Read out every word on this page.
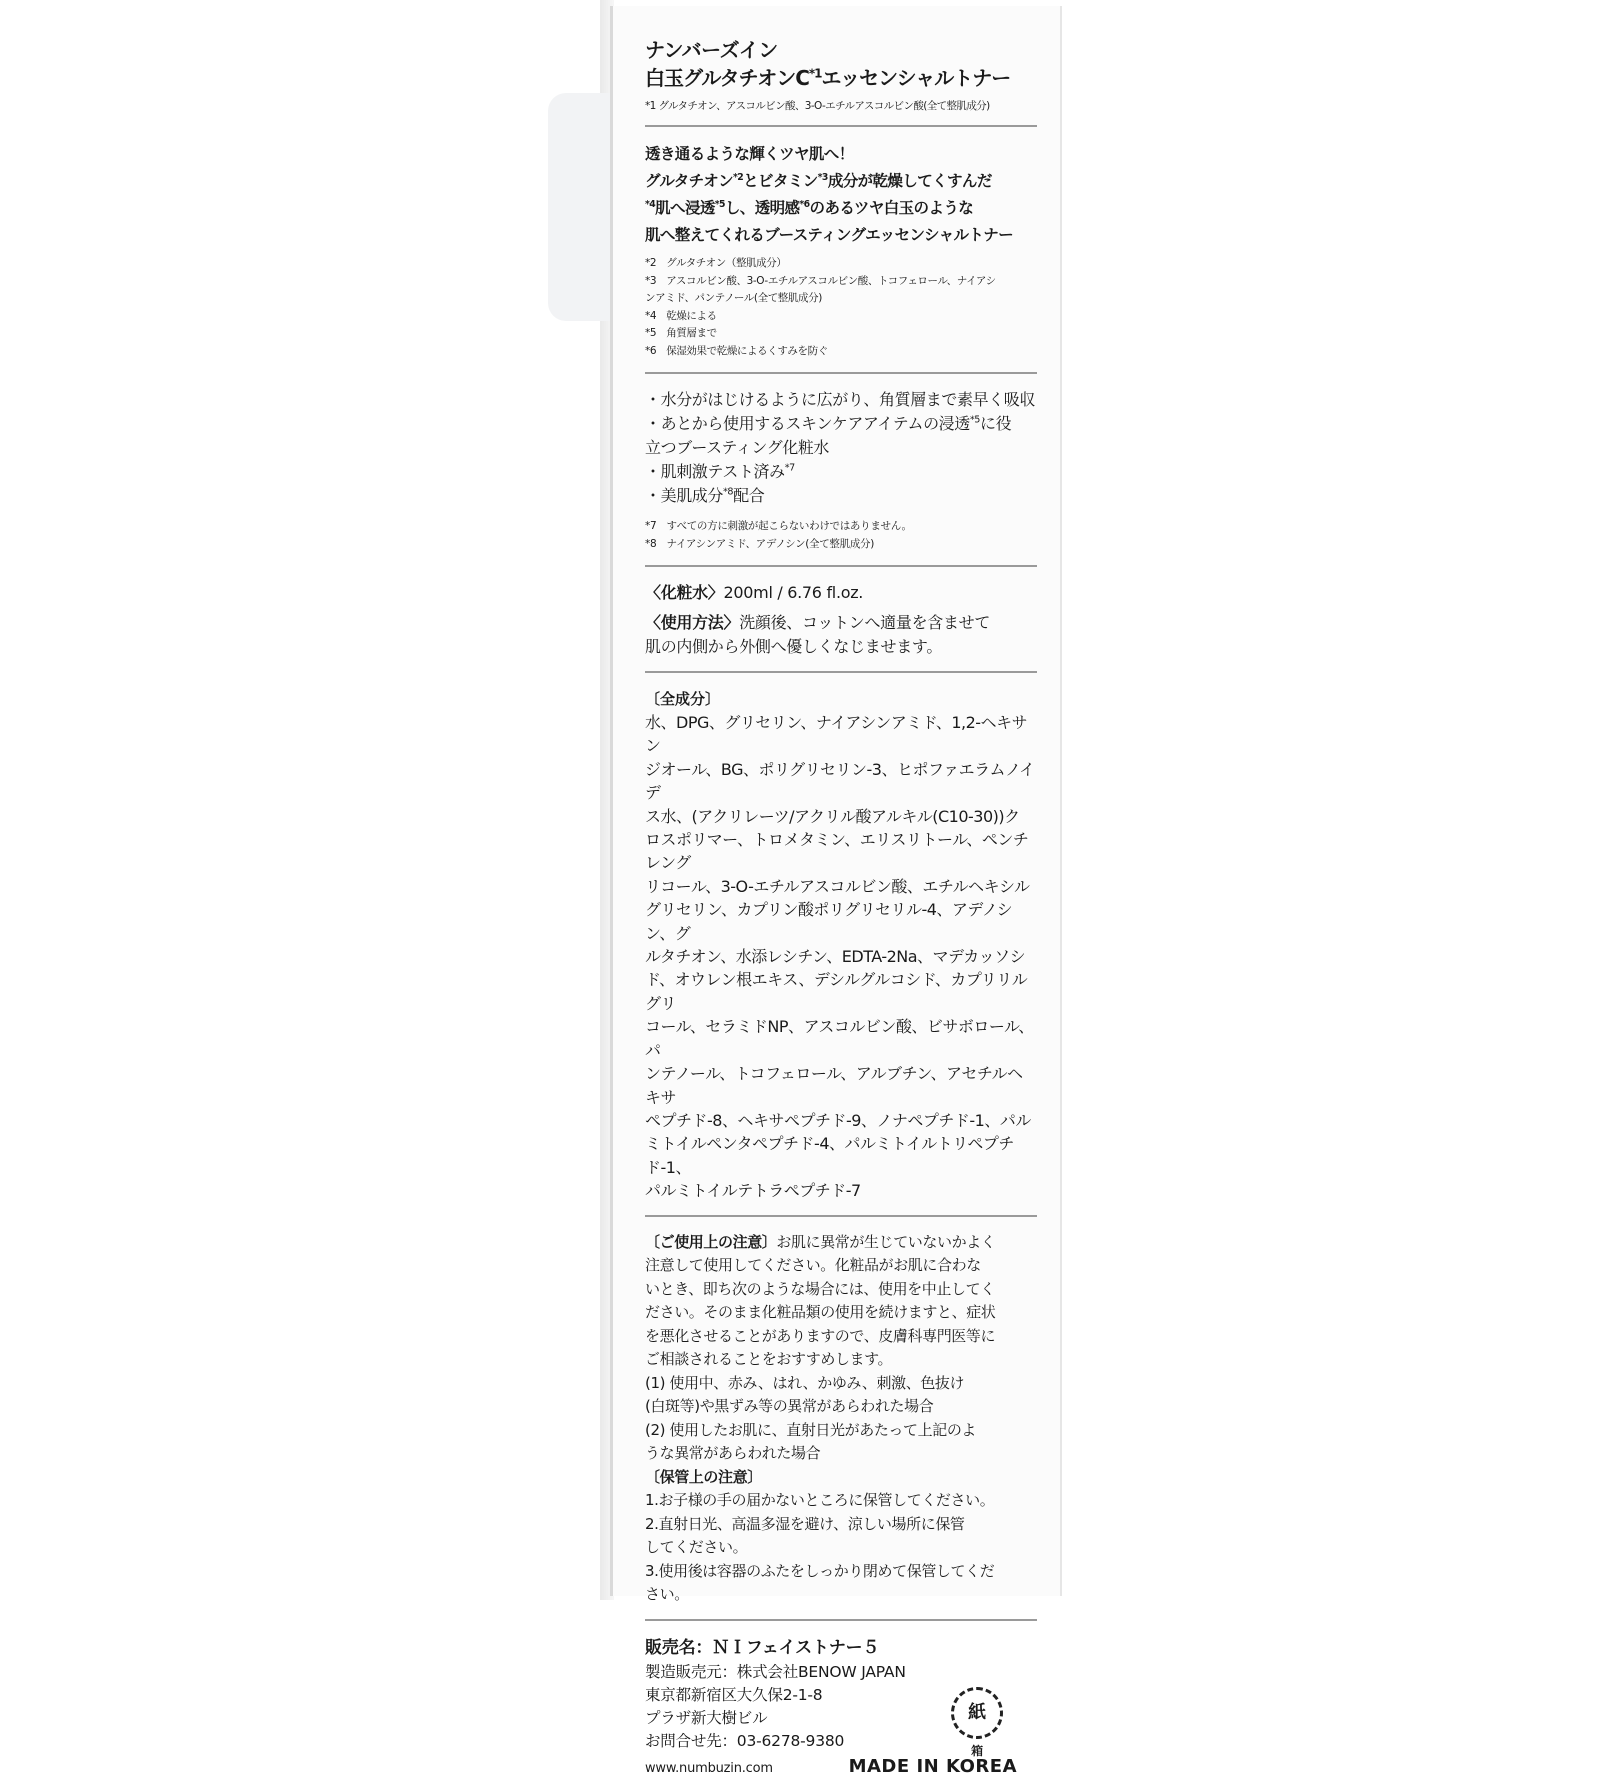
ナンバーズイン
白玉グルタチオン$C^{*1}$エッセンシャルトナー
*1 グルタチオン、アスコルビン酸、3-O-エチルアスコルビン酸(全て整肌成分)

透き通るような輝くツヤ肌へ！

グルタチオン$^{*2}$とビタミン$^{*3}$成分が乾燥してくすんだ

$^{*4}$肌へ浸透$^{*5}$し、透明感$^{*6}$のあるツヤ白玉のような

肌へ整えてくれるブースティングエッセンシャルトナー

*2　グルタチオン（整肌成分）
*3　アスコルビン酸、3-O-エチルアスコルビン酸、トコフェロール、ナイアシ
ンアミド、パンテノール(全て整肌成分)
*4　乾燥による
*5　角質層まで
*6　保湿効果で乾燥によるくすみを防ぐ
・水分がはじけるように広がり、角質層まで素早く吸収
・あとから使用するスキンケアアイテムの浸透$^{*5}$に役
立つブースティング化粧水
・肌刺激テスト済み$^{*7}$
・美肌成分$^{*8}$配合
*7　すべての方に刺激が起こらないわけではありません。
*8　ナイアシンアミド、アデノシン(全て整肌成分)
〈化粧水〉200ml / 6.76 fl.oz.
〈使用方法〉洗顔後、コットンへ適量を含ませて
肌の内側から外側へ優しくなじませます。
〔全成分〕
水、DPG、グリセリン、ナイアシンアミド、1,2-ヘキサン
ジオール、BG、ポリグリセリン-3、ヒポファエラムノイデ
ス水、(アクリレーツ/アクリル酸アルキル(C10-30))ク
ロスポリマー、トロメタミン、エリスリトール、ペンチレング
リコール、3-O-エチルアスコルビン酸、エチルヘキシル
グリセリン、カプリン酸ポリグリセリル-4、アデノシン、グ
ルタチオン、水添レシチン、EDTA-2Na、マデカッソシ
ド、オウレン根エキス、デシルグルコシド、カプリリルグリ
コール、セラミドNP、アスコルビン酸、ビサボロール、パ
ンテノール、トコフェロール、アルブチン、アセチルヘキサ
ペプチド-8、ヘキサペプチド-9、ノナペプチド-1、パル
ミトイルペンタペプチド-4、パルミトイルトリペプチド-1、
パルミトイルテトラペプチド-7
〔ご使用上の注意〕お肌に異常が生じていないかよく
注意して使用してください。化粧品がお肌に合わな
いとき、即ち次のような場合には、使用を中止してく
ださい。そのまま化粧品類の使用を続けますと、症状
を悪化させることがありますので、皮膚科専門医等に
ご相談されることをおすすめします。
(1) 使用中、赤み、はれ、かゆみ、刺激、色抜け
(白斑等)や黒ずみ等の異常があらわれた場合
(2) 使用したお肌に、直射日光があたって上記のよ
うな異常があらわれた場合
〔保管上の注意〕
1.お子様の手の届かないところに保管してください。
2.直射日光、高温多湿を避け、涼しい場所に保管
してください。
3.使用後は容器のふたをしっかり閉めて保管してくだ
さい。
販売名：ＮＩフェイストナー５
製造販売元：株式会社BENOW JAPAN
東京都新宿区大久保2-1-8
プラザ新大樹ビル
お問合せ先：03-6278-9380
www.numbuzin.com	MADE IN KOREA
紙
箱
